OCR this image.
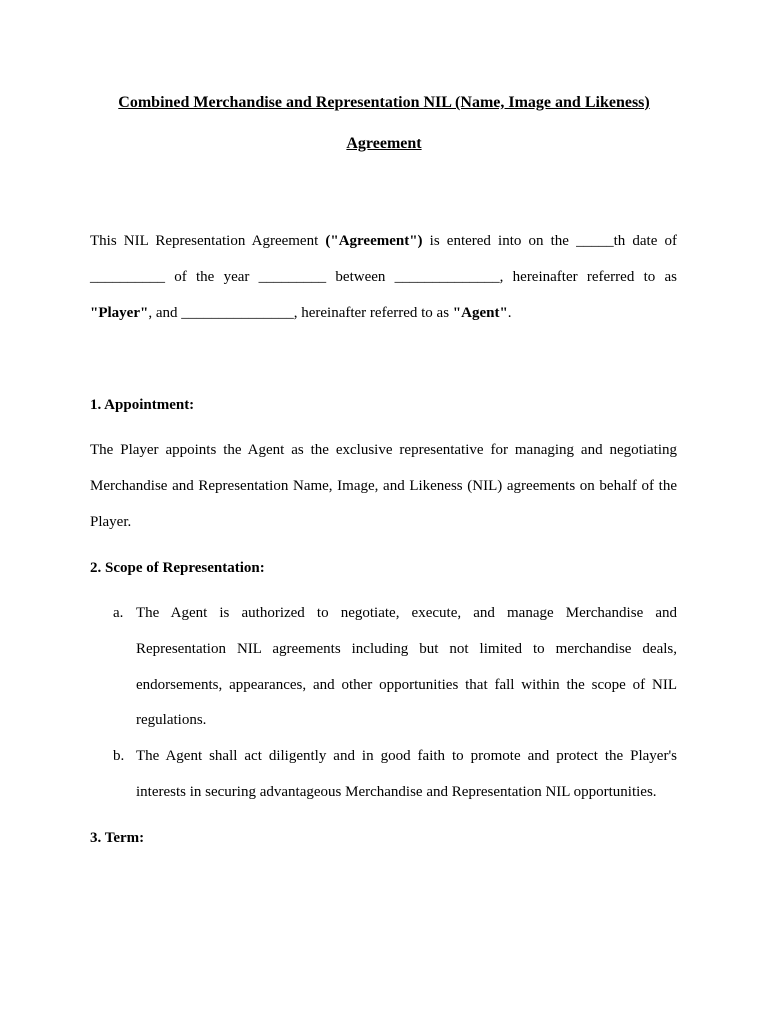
Combined Merchandise and Representation NIL (Name, Image and Likeness)
Agreement

This NIL Representation Agreement ("Agreement") is entered into on the _____th date of __________ of the year _________ between ______________, hereinafter referred to as "Player", and _______________, hereinafter referred to as "Agent".

1. Appointment:

The Player appoints the Agent as the exclusive representative for managing and negotiating Merchandise and Representation Name, Image, and Likeness (NIL) agreements on behalf of the Player.

2. Scope of Representation:

a. The Agent is authorized to negotiate, execute, and manage Merchandise and Representation NIL agreements including but not limited to merchandise deals, endorsements, appearances, and other opportunities that fall within the scope of NIL regulations.
b. The Agent shall act diligently and in good faith to promote and protect the Player's interests in securing advantageous Merchandise and Representation NIL opportunities.

3. Term:
